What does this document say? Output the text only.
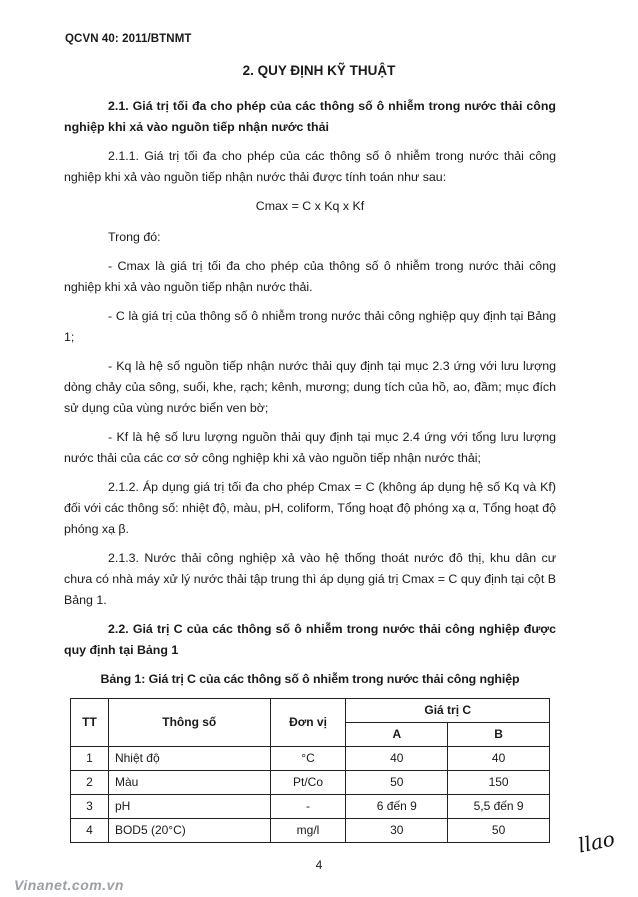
QCVN 40: 2011/BTNMT
2. QUY ĐỊNH KỸ THUẬT

2.1. Giá trị tối đa cho phép của các thông số ô nhiễm trong nước thải công nghiệp khi xả vào nguồn tiếp nhận nước thải

2.1.1. Giá trị tối đa cho phép của các thông số ô nhiễm trong nước thải công nghiệp khi xả vào nguồn tiếp nhận nước thải được tính toán như sau:

Cmax = C x Kq x Kf

Trong đó:

- Cmax là giá trị tối đa cho phép của thông số ô nhiễm trong nước thải công nghiệp khi xả vào nguồn tiếp nhận nước thải.

- C là giá trị của thông số ô nhiễm trong nước thải công nghiệp quy định tại Bảng 1;

- Kq là hệ số nguồn tiếp nhận nước thải quy định tại mục 2.3 ứng với lưu lượng dòng chảy của sông, suối, khe, rạch; kênh, mương; dung tích của hồ, ao, đầm; mục đích sử dụng của vùng nước biển ven bờ;

- Kf là hệ số lưu lượng nguồn thải quy định tại mục 2.4 ứng với tổng lưu lượng nước thải của các cơ sở công nghiệp khi xả vào nguồn tiếp nhận nước thải;

2.1.2. Áp dụng giá trị tối đa cho phép Cmax = C (không áp dụng hệ số Kq và Kf) đối với các thông số: nhiệt độ, màu, pH, coliform, Tổng hoạt độ phóng xạ α, Tổng hoạt độ phóng xạ β.

2.1.3. Nước thải công nghiệp xả vào hệ thống thoát nước đô thị, khu dân cư chưa có nhà máy xử lý nước thải tập trung thì áp dụng giá trị Cmax = C quy định tại cột B Bảng 1.

2.2. Giá trị C của các thông số ô nhiễm trong nước thải công nghiệp được quy định tại Bảng 1

Bảng 1: Giá trị C của các thông số ô nhiễm trong nước thải công nghiệp

TT	Thông số	Đơn vị	Giá trị C	
			A	B
1	Nhiệt độ	°C	40	40
2	Màu	Pt/Co	50	150
3	pH	-	6 đến 9	5,5 đến 9
4	BOD5 (20°C)	mg/l	30	50	llao
4
Vinanet.com.vn
